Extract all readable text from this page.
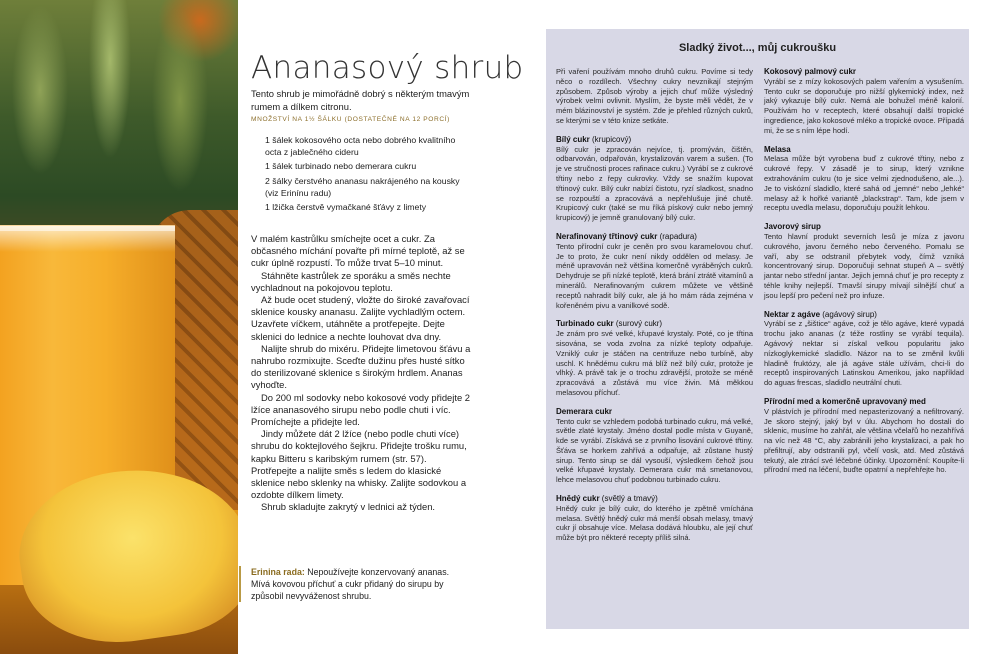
Ananasový shrub

Tento shrub je mimořádně dobrý s některým tmavým rumem a dílkem citronu.

MNOŽSTVÍ NA 1½ ŠÁLKU (DOSTATEČNÉ NA 12 PORCÍ)

1 šálek kokosového octa nebo dobrého kvalitního octa z jablečného cideru
1 šálek turbinado nebo demerara cukru
2 šálky čerstvého ananasu nakrájeného na kousky (viz Erinínu radu)
1 lžička čerstvě vymačkané šťávy z limety

V malém kastrůlku smíchejte ocet a cukr. Za občasného míchání povařte při mírné teplotě, až se cukr úplně rozpustí. To může trvat 5–10 minut.

Stáhněte kastrůlek ze sporáku a směs nechte vychladnout na pokojovou teplotu.

Až bude ocet studený, vložte do široké zavařovací sklenice kousky ananasu. Zalijte vychladlým octem. Uzavřete víčkem, utáhněte a protřepejte. Dejte sklenici do lednice a nechte louhovat dva dny.

Nalijte shrub do mixéru. Přidejte limetovou šťávu a nahrubo rozmixujte. Sceďte dužinu přes husté sítko do sterilizované sklenice s širokým hrdlem. Ananas vyhoďte.

Do 200 ml sodovky nebo kokosové vody přidejte 2 lžíce ananasového sirupu nebo podle chuti i víc. Promíchejte a přidejte led.

Jindy můžete dát 2 lžíce (nebo podle chuti více) shrubu do koktejlového šejkru. Přidejte trošku rumu, kapku Bitteru s karibským rumem (str. 57). Protřepejte a nalijte směs s ledem do klasické sklenice nebo sklenky na whisky. Zalijte sodovkou a ozdobte dílkem limety.

Shrub skladujte zakrytý v lednici až týden.

Erinina rada: Nepoužívejte konzervovaný ananas. Mívá kovovou příchuť a cukr přidaný do sirupu by způsobil nevyváženost shrubu.
Sladký život..., můj cukroušku

Při vaření používám mnoho druhů cukru. Povíme si tedy něco o rozdílech. Všechny cukry nevznikají stejným způsobem. Způsob výroby a jejich chuť může výsledný výrobek velmi ovlivnit. Myslím, že byste měli vědět, že v mém blázinovství je systém. Zde je přehled různých cukrů, se kterými se v této knize setkáte.

Bílý cukr (krupicový)

Bílý cukr je zpracován nejvíce, tj. promýván, čištěn, odbarvován, odpařován, krystalizován varem a sušen. (To je ve stručnosti proces rafinace cukru.) Vyrábí se z cukrové třtiny nebo z řepy cukrovky. Vždy se snažím kupovat třtinový cukr. Bílý cukr nabízí čistotu, ryzí sladkost, snadno se rozpouští a zpracovává a nepřehlušuje jiné chutě. Krupicový cukr (také se mu říká pískový cukr nebo jemný krupicový) je jemně granulovaný bílý cukr.

Nerafinovaný třtinový cukr (rapadura)

Tento přírodní cukr je ceněn pro svou karamelovou chuť. Je to proto, že cukr není nikdy oddělen od melasy. Je méně upravován než většina komerčně vyráběných cukrů. Dehydruje se při nízké teplotě, která brání ztrátě vitamínů a minerálů. Nerafinovaným cukrem můžete ve většině receptů nahradit bílý cukr, ale já ho mám ráda zejména v kořeněném pivu a vanilkové sodě.

Turbinado cukr (surový cukr)

Je znám pro své velké, křupavé krystaly. Poté, co je třtina sisována, se voda zvolna za nízké teploty odpařuje. Vzniklý cukr je stáčen na centrifuze nebo turbíně, aby uschl. K hnědému cukru má blíž než bílý cukr, protože je vlhký. A právě tak je o trochu zdravější, protože se méně zpracovává a zůstává mu více živin. Má měkkou melasovou příchuť.

Demerara cukr

Tento cukr se vzhledem podobá turbinado cukru, má velké, světle zlaté krystaly. Jméno dostal podle místa v Guyaně, kde se vyrábí. Získává se z prvního lisování cukrové třtiny. Šťáva se horkem zahřívá a odpařuje, až zůstane hustý sirup. Tento sirup se dál vysouší, výsledkem čehož jsou velké křupavé krystaly. Demerara cukr má smetanovou, lehce melasovou chuť podobnou turbinado cukru.

Hnědý cukr (světlý a tmavý)

Hnědý cukr je bílý cukr, do kterého je zpětně vmíchána melasa. Světlý hnědý cukr má menší obsah melasy, tmavý cukr jí obsahuje více. Melasa dodává hloubku, ale její chuť může být pro některé recepty příliš silná.

Kokosový palmový cukr

Vyrábí se z mízy kokosových palem vařením a vysušením. Tento cukr se doporučuje pro nižší glykemický index, než jaký vykazuje bílý cukr. Nemá ale bohužel méně kalorií. Používám ho v receptech, které obsahují další tropické ingredience, jako kokosové mléko a tropické ovoce. Případá mi, že se s ním lépe hodí.

Melasa

Melasa může být vyrobena buď z cukrové třtiny, nebo z cukrové řepy. V zásadě je to sirup, který vznikne extrahováním cukru (to je sice velmi zjednodušeno, ale...). Je to viskózní sladidlo, které sahá od „jemné“ nebo „lehké“ melasy až k hořké variantě „blackstrap“. Tam, kde jsem v receptu uvedla melasu, doporučuju použít lehkou.

Javorový sirup

Tento hlavní produkt severních lesů je míza z javoru cukrového, javoru černého nebo červeného. Pomalu se vaří, aby se odstranil přebytek vody, čímž vzniká koncentrovaný sirup. Doporučuji sehnat stupeň A – světlý jantar nebo střední jantar. Jejich jemná chuť je pro recepty z téhle knihy nejlepší. Tmavší sirupy mívají silnější chuť a jsou lepší pro pečení než pro infuze.

Nektar z agáve (agávový sirup)

Vyrábí se z „šištice“ agáve, což je tělo agáve, které vypadá trochu jako ananas (z téže rostliny se vyrábí tequila). Agávový nektar si získal velkou popularitu jako nízkoglykemické sladidlo. Názor na to se změnil kvůli hladině fruktózy, ale já agáve stále užívám, chci-li do receptů inspirovaných Latinskou Amerikou, jako například do aguas frescas, sladidlo neutrální chuti.

Přírodní med a komerčně upravovaný med

V plástvích je přírodní med nepasterizovaný a nefiltrovaný. Je skoro stejný, jaký byl v úlu. Abychom ho dostali do sklenic, musíme ho zahřát, ale většina včelařů ho nezahřívá na víc než 48 °C, aby zabránili jeho krystalizaci, a pak ho přefiltrují, aby odstranili pyl, včelí vosk, atd. Med zůstává tekutý, ale ztrácí své léčebné účinky. Upozornění: Koupíte-li přírodní med na léčení, buďte opatrní a nepřehřejte ho.
